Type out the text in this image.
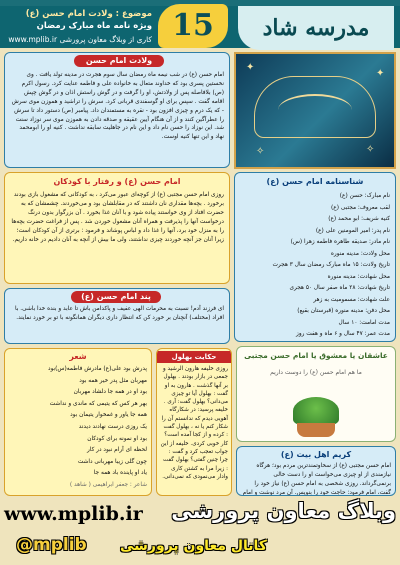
موضوع : ولادت امام حسن (ع)
ویژه نامه ماه مبارک رمضان
کاری از وبلاگ معاون پرورشی www.mplib.ir 15	مدرسه شاد
ولادت امام حسن
امام حسن (ع) در شب نیمه ماه رمضان سال سوم هجرت در مدینه تولد یافت . وی نخستین پسری بود که خداوند متعال به خانواده علی و فاطمه عنایت کرد. رسول اکرم (ص) بلافاصله پس از ولادتش، او را گرفت و در گوش راستش اذان و در گوش چپش اقامه گفت . سپس برای او گوسفندی قربانی کرد. سرش را تراشید و هموزن موی سرش - که یک درم و چیزی افزون بود - نقره به مستمندان داد. پیامبر (ص) دستور داد تا سرش را عطرآگین کنند و از آن هنگام آیین عقیقه و صدقه دادن به هموزن موی سر نوزاد سنت شد. این نوزاد را حسن نام داد و این نام در جاهلیت سابقه نداشت . کنیه او را ابومحمد نهاد و این تنها کنیه اوست.
✦
✦
✧
✧
امام حسن (ع) و رفتار با کودکان
روزی امام حسن مجتبی (ع) از کوچه‌ای عبور می‌کرد ، به کودکانی که مشغول بازی بودند برخورد . بچه‌ها مقداری نان داشتند که در مقابلشان بود و می‌خوردند. چشمشان که به حضرت افتاد از وی خواستند پیاده شود و با آنان غذا بخورد . آن بزرگوار بدون درنگ درخواست آنها را پذیرفت و همراه آنان مشغول خوردن شد . پس از فراغت حضرت بچه‌ها را به منزل خود برد، آنها را غذا داد و لباس پوشاند و فرمود : برتری از آن کودکان است؛ زیرا آنان جز آنچه خوردند چیزی نداشتند، ولی ما بیش از آنچه به آنان دادیم در خانه داریم.
شناسنامه امام حسن (ع)
نام مبارک: حسن (ع)
لقب معروف: مجتبی (ع)
کنیه شریف: ابو محمد (ع)
نام پدر: امیر المومنین علی (ع)
نام مادر: صدیقه طاهره فاطمه زهرا (س)
محل ولادت: مدینه منوره
تاریخ ولادت: ۱۵ ماه مبارک رمضان سال ۳ هجرت
محل شهادت: مدینه منوره
تاریخ شهادت: ۲۸ ماه صفر سال ۵۰ هجری
علت شهادت: مسمومیت به زهر
محل دفن: مدینه منوره (قبرستان بقیع)
مدت امامت: ۱۰ سال
مدت عمر: ۴۷ سال و ۶ ماه و هفت روز
پند امام حسن (ع)
ای فرزند آدم! نسبت به محرمات الهی عفیف و پاکدامن باش تا عابد و بنده خدا باشی. با افراد (مختلف) آنچنان بر خورد کن که انتظار داری دیگران همانگونه با تو بر خورد نمایند.
شعر
پدرش بود علی(ع) مادرش فاطمه(س)بود
مهربان مثل پدر خیر همه بود
بود او در همه جا دلشاد مهربان
بهر هر کس که یتیمی که ماندی و نداشت
همه جا یاور و غمخوار یتیمان بود
یک روزی درست نهادند دیدند
بود او نمونه برای کودکان
لحظه ای آرام نبود در کار
چون گلی زیبا مهربانی داشت
یاد او پاینده باد همه جا
شاعر : جعفر ابراهیمی ( شاهد )
حکایت بهلول
روزی خلیفه هارون الرشید و جمعی در بازار بودند . بهلول بر آنها گذشت . هارون به او گفت : بهلول آیا تو چیزی می‌دانی؟ بهلول گفت: آری . خلیفه پرسید: در شکارگاه آهویی دیدم که ندانستم آن را شکار کنم یا نه ، بهلول گفت : کرده و از کجا آمده است؟ کار خوبی کردی. خلیفه از این جواب تعجب کرد و گفت : چرا چنین گفتی؟ بهلول گفت : زیرا مرا به کشتن کاری وادار می‌نمودی که نمی‌دانی.
عاشقان یا معشوق یا امام حسن مجتبی
ما هم امام حسن (ع) را دوست داریم
کریم اهل بیت (ع)
امام حسن مجتبی (ع) از سخاوتمندترین مردم بود؛ هرگاه نیازمندی از او چیزی می‌خواست او را دست خالی برنمی‌گرداند. روزی شخصی به امام حسن (ع) نیاز خود را گفت، امام فرمود: حاجت خود را بنویس. آن مرد نوشت و امام
www.mplib.ir وبلاگ معاون پرورشی
@mplib کانال معاون پرورشی
